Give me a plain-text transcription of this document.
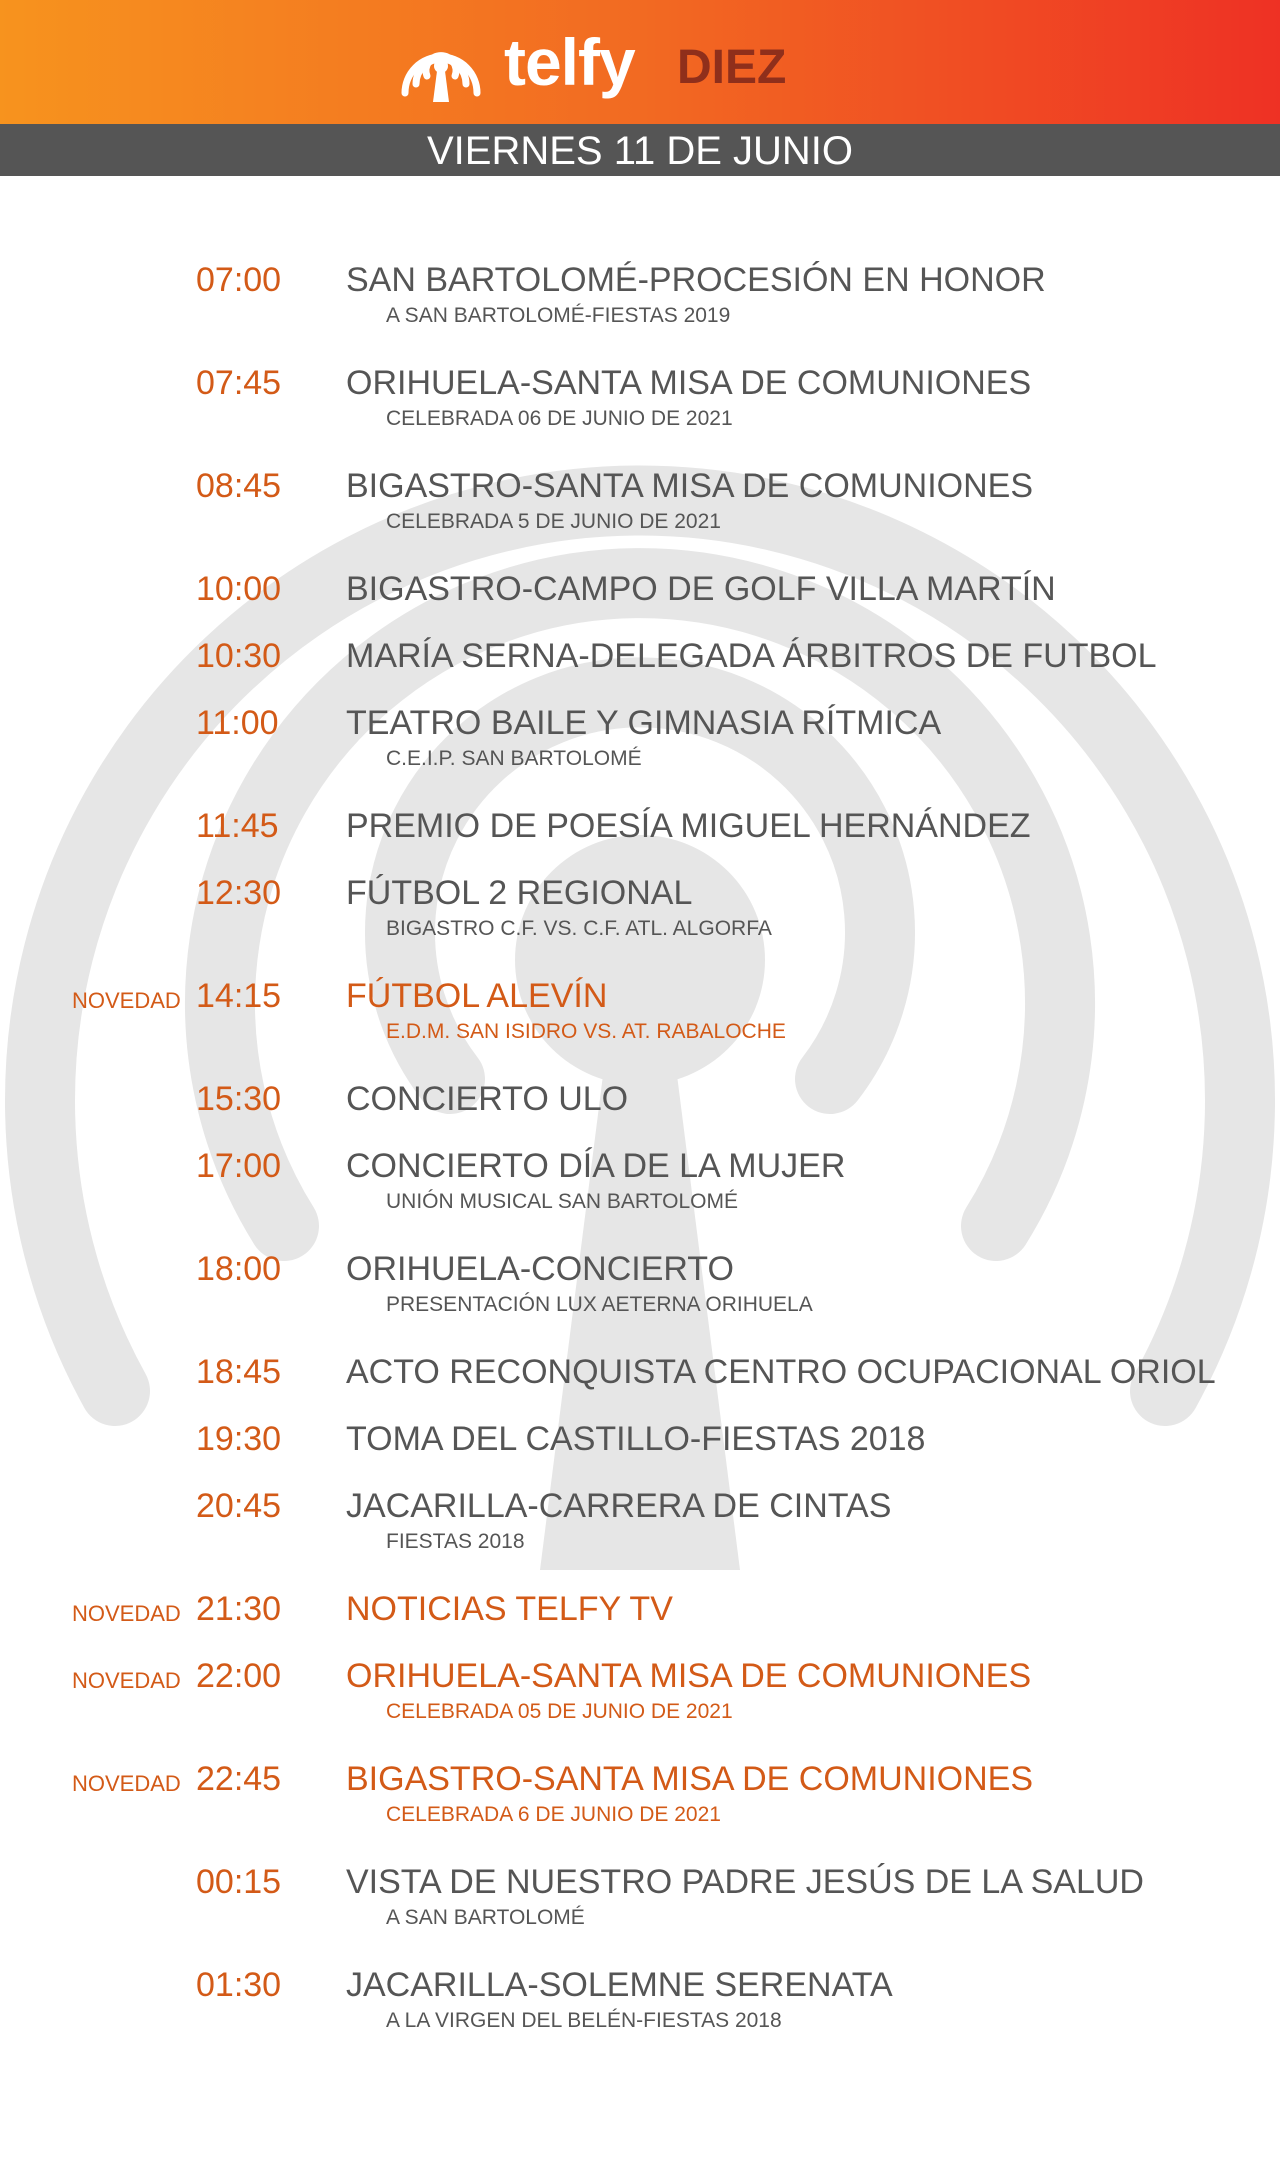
telfy DIEZ
VIERNES 11 DE JUNIO
07:00 SAN BARTOLOMÉ-PROCESIÓN EN HONOR
A SAN BARTOLOMÉ-FIESTAS 2019
07:45 ORIHUELA-SANTA MISA DE COMUNIONES
CELEBRADA 06 DE JUNIO DE 2021
08:45 BIGASTRO-SANTA MISA DE COMUNIONES
CELEBRADA 5 DE JUNIO DE 2021
10:00 BIGASTRO-CAMPO DE GOLF VILLA MARTÍN
10:30 MARÍA SERNA-DELEGADA ÁRBITROS DE FUTBOL
11:00 TEATRO BAILE Y GIMNASIA RÍTMICA
C.E.I.P. SAN BARTOLOMÉ
11:45 PREMIO DE POESÍA MIGUEL HERNÁNDEZ
12:30 FÚTBOL 2 REGIONAL
BIGASTRO C.F. VS. C.F. ATL. ALGORFA
NOVEDAD 14:15 FÚTBOL ALEVÍN
E.D.M. SAN ISIDRO VS. AT. RABALOCHE
15:30 CONCIERTO ULO
17:00 CONCIERTO DÍA DE LA MUJER
UNIÓN MUSICAL SAN BARTOLOMÉ
18:00 ORIHUELA-CONCIERTO
PRESENTACIÓN LUX AETERNA ORIHUELA
18:45 ACTO RECONQUISTA CENTRO OCUPACIONAL ORIOL
19:30 TOMA DEL CASTILLO-FIESTAS 2018
20:45 JACARILLA-CARRERA DE CINTAS
FIESTAS 2018
NOVEDAD 21:30 NOTICIAS TELFY TV
NOVEDAD 22:00 ORIHUELA-SANTA MISA DE COMUNIONES
CELEBRADA 05 DE JUNIO DE 2021
NOVEDAD 22:45 BIGASTRO-SANTA MISA DE COMUNIONES
CELEBRADA 6 DE JUNIO DE 2021
00:15 VISTA DE NUESTRO PADRE JESÚS DE LA SALUD
A SAN BARTOLOMÉ
01:30 JACARILLA-SOLEMNE SERENATA
A LA VIRGEN DEL BELÉN-FIESTAS 2018
